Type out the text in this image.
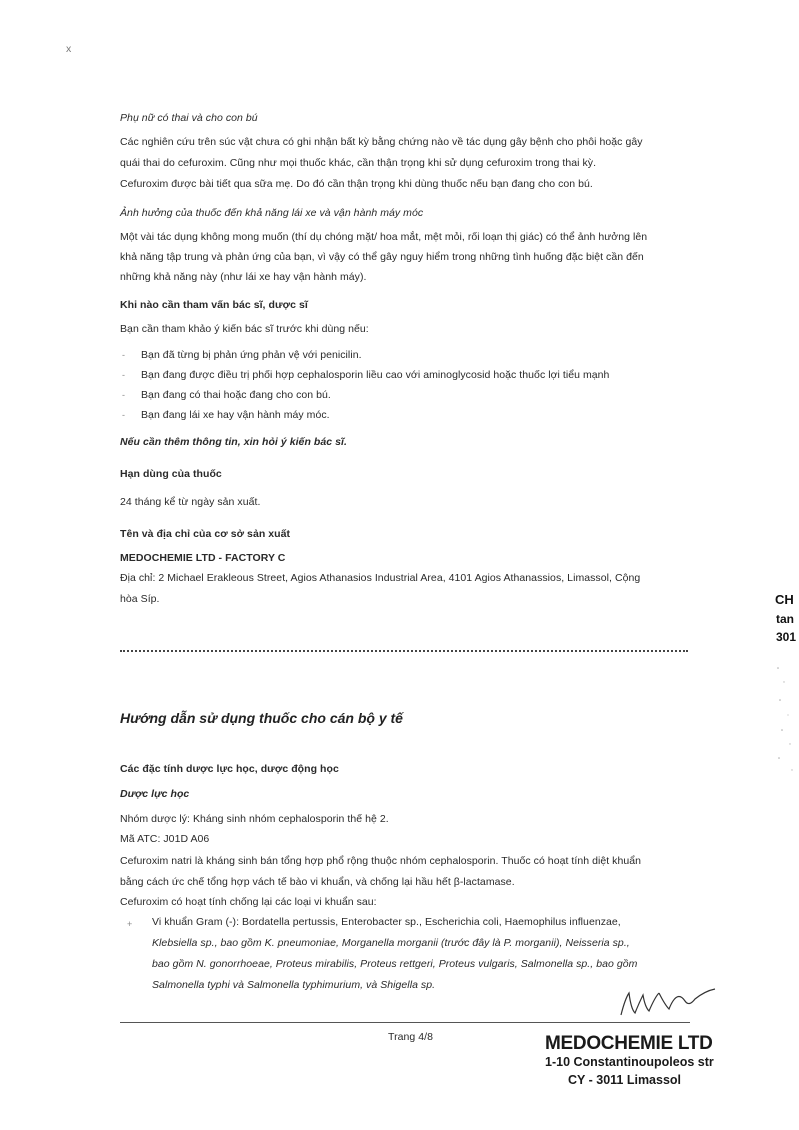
x
Phụ nữ có thai và cho con bú
Các nghiên cứu trên súc vật chưa có ghi nhận bất kỳ bằng chứng nào về tác dụng gây bệnh cho phôi hoặc gây
quái thai do cefuroxim. Cũng như mọi thuốc khác, cần thận trọng khi sử dụng cefuroxim trong thai kỳ.
Cefuroxim được bài tiết qua sữa mẹ. Do đó cần thận trọng khi dùng thuốc nếu bạn đang cho con bú.
Ảnh hưởng của thuốc đến khả năng lái xe và vận hành máy móc
Một vài tác dụng không mong muốn (thí dụ chóng mặt/ hoa mắt, mệt mỏi, rối loạn thị giác) có thể ảnh hưởng lên
khả năng tập trung và phản ứng của bạn, vì vậy có thể gây nguy hiểm trong những tình huống đặc biệt cần đến
những khả năng này (như lái xe hay vận hành máy).
Khi nào cần tham vấn bác sĩ, dược sĩ
Bạn cần tham khảo ý kiến bác sĩ trước khi dùng nếu:
- Bạn đã từng bị phản ứng phản vệ với penicilin.
- Bạn đang được điều trị phối hợp cephalosporin liều cao với aminoglycosid hoặc thuốc lợi tiểu mạnh
- Bạn đang có thai hoặc đang cho con bú.
- Bạn đang lái xe hay vận hành máy móc.
Nếu cần thêm thông tin, xin hỏi ý kiến bác sĩ.
Hạn dùng của thuốc
24 tháng kể từ ngày sản xuất.
Tên và địa chỉ của cơ sở sản xuất
MEDOCHEMIE LTD - FACTORY C
Địa chỉ: 2 Michael Erakleous Street, Agios Athanasios Industrial Area, 4101 Agios Athanassios, Limassol, Cộng
hòa Síp.
Hướng dẫn sử dụng thuốc cho cán bộ y tế
Các đặc tính dược lực học, dược động học
Dược lực học
Nhóm dược lý: Kháng sinh nhóm cephalosporin thế hệ 2.
Mã ATC: J01D A06
Cefuroxim natri là kháng sinh bán tổng hợp phổ rộng thuộc nhóm cephalosporin. Thuốc có hoạt tính diệt khuẩn
bằng cách ức chế tổng hợp vách tế bào vi khuẩn, và chống lại hầu hết β-lactamase.
Cefuroxim có hoạt tính chống lại các loại vi khuẩn sau:
+ Vi khuẩn Gram (-): Bordatella pertussis, Enterobacter sp., Escherichia coli, Haemophilus influenzae,
Klebsiella sp., bao gồm K. pneumoniae, Morganella morganii (trước đây là P. morganii), Neisseria sp.,
bao gồm N. gonorrhoeae, Proteus mirabilis, Proteus rettgeri, Proteus vulgaris, Salmonella sp., bao gồm
Salmonella typhi và Salmonella typhimurium, và Shigella sp.
Trang 4/8	MEDOCHEMIE LTD
1-10 Constantinoupoleos str
CY - 3011 Limassol
CH
tan
301
